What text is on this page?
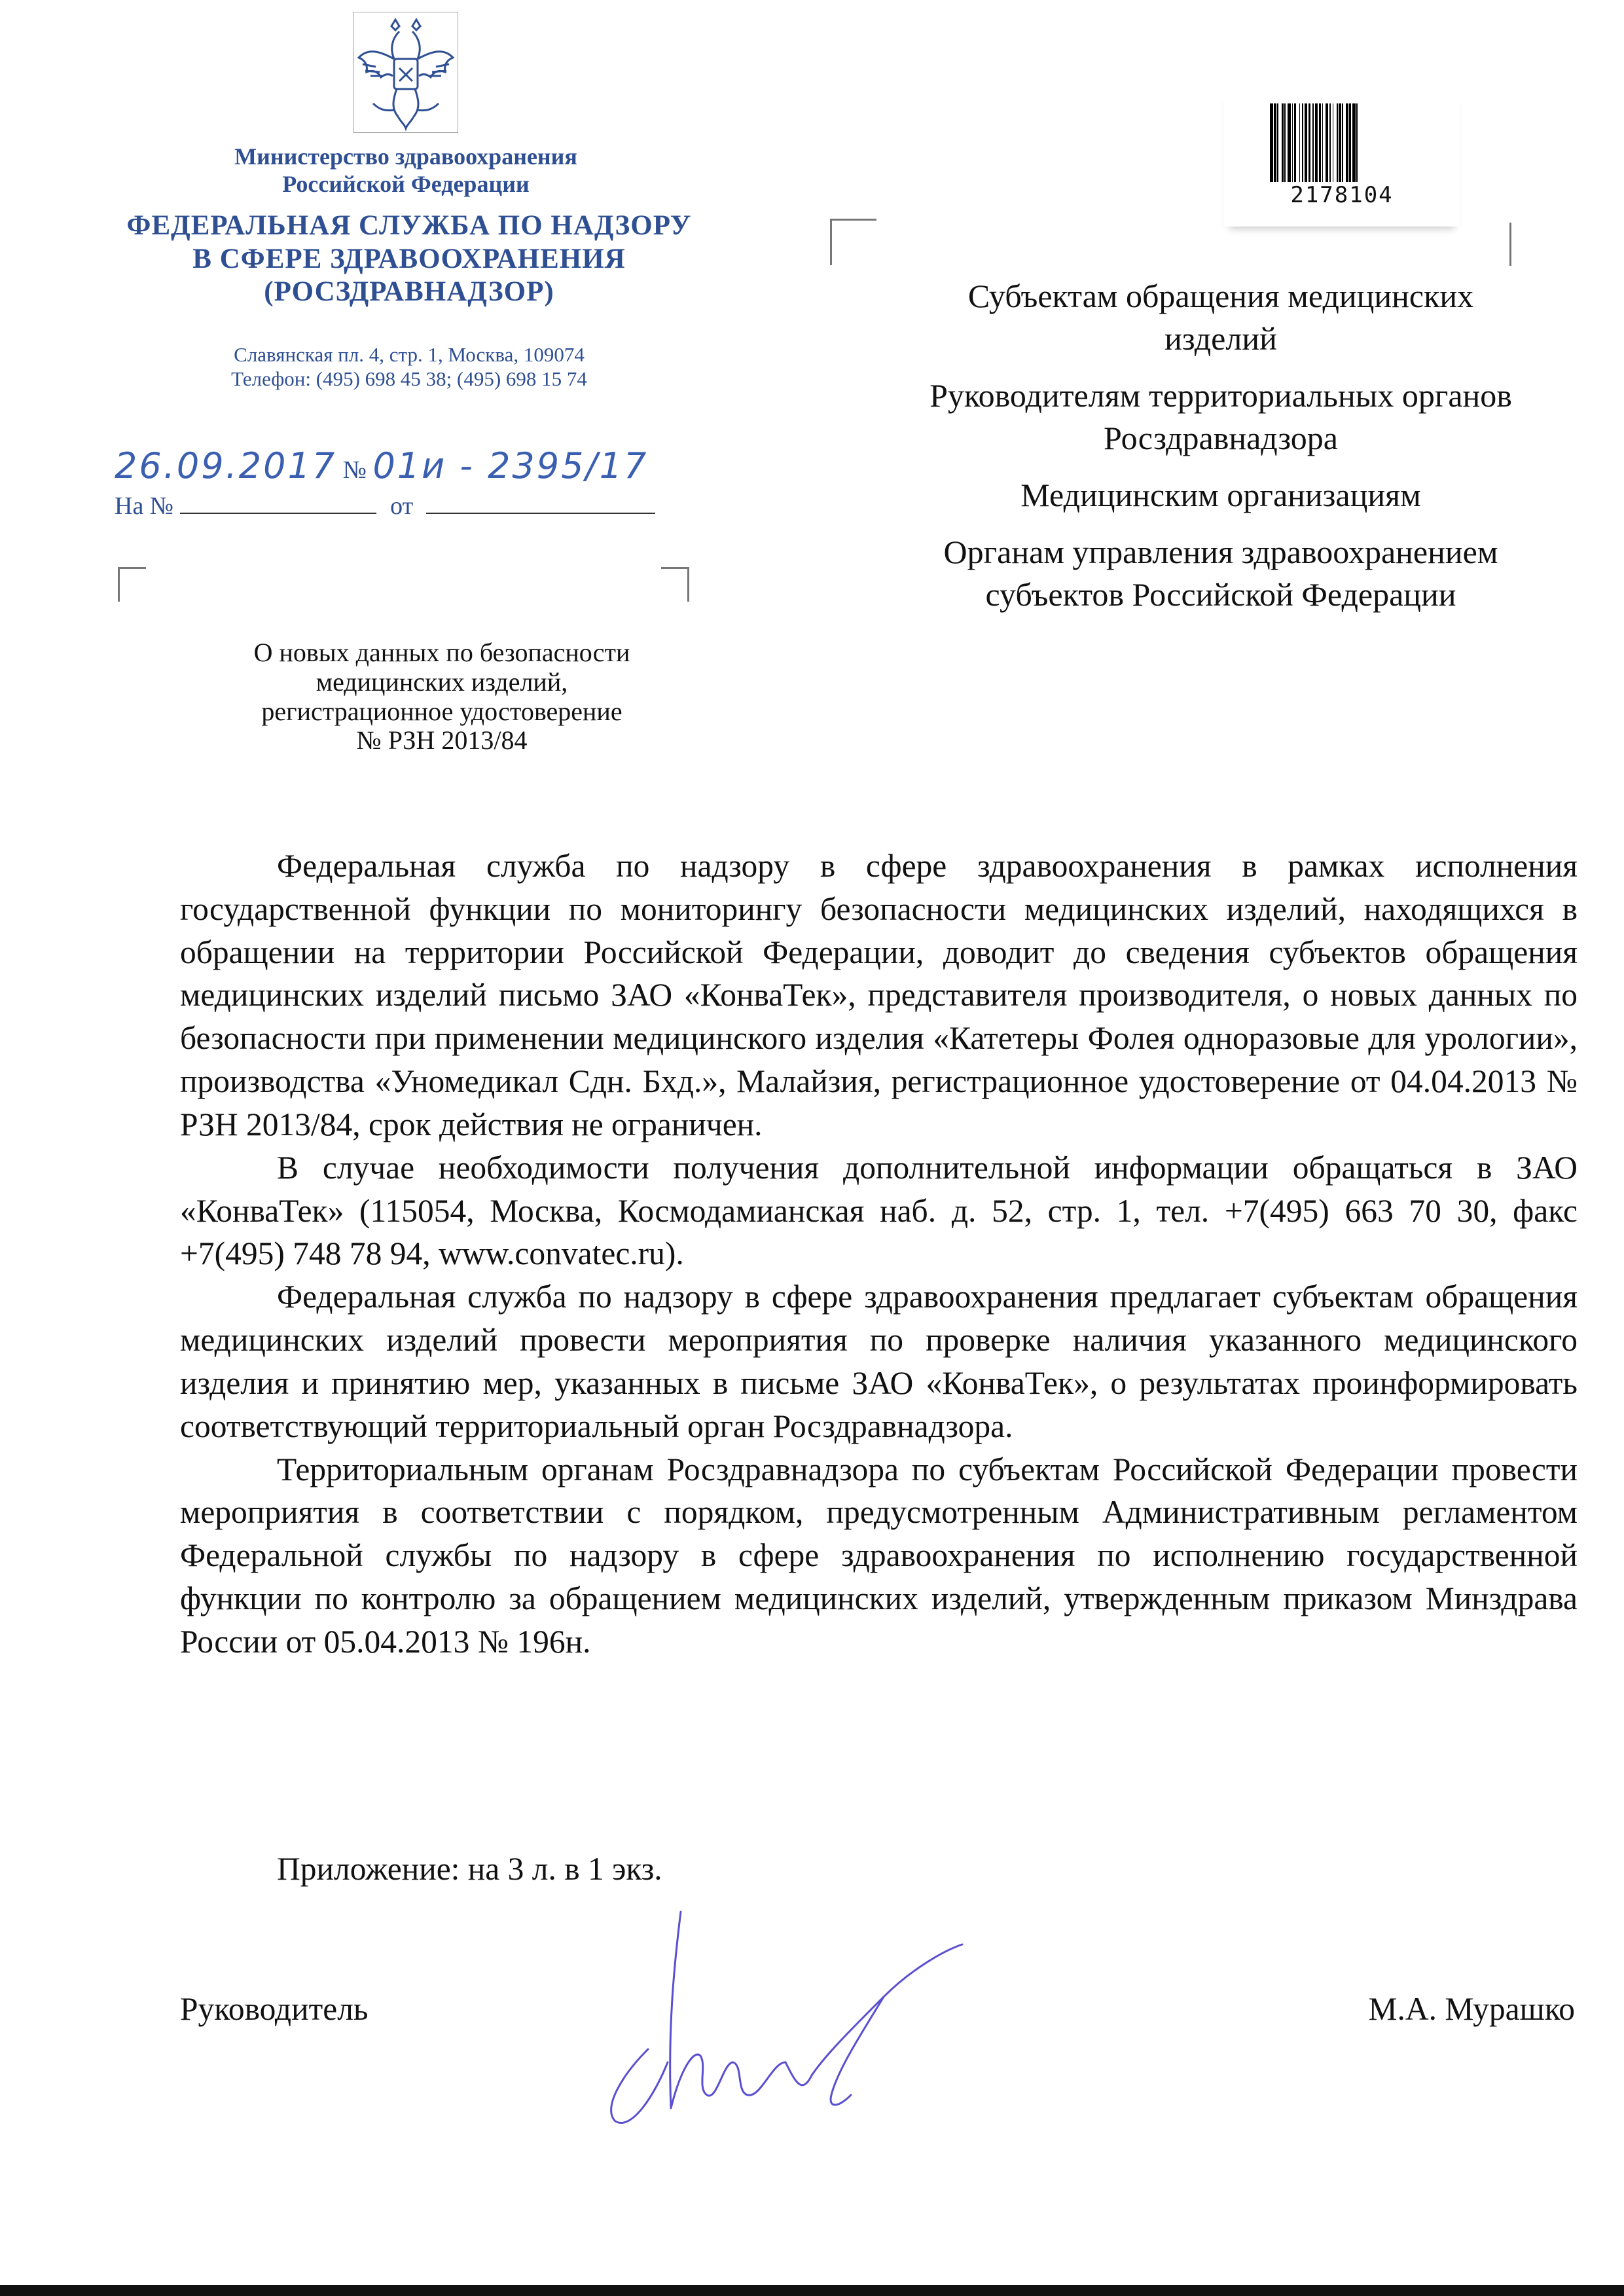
Министерство здравоохранения
Российской Федерации
ФЕДЕРАЛЬНАЯ СЛУЖБА ПО НАДЗОРУ
В СФЕРЕ ЗДРАВООХРАНЕНИЯ
(РОСЗДРАВНАДЗОР)
Славянская пл. 4, стр. 1, Москва, 109074
Телефон: (495) 698 45 38; (495) 698 15 74
26.09.2017 № 01и - 2395/17
На №	от
О новых данных по безопасности
медицинских изделий,
регистрационное удостоверение
№ РЗН 2013/84
2178104

Субъектам обращения медицинских изделий

Руководителям территориальных органов Росздравнадзора

Медицинским организациям

Органам управления здравоохранением субъектов Российской Федерации

Федеральная служба по надзору в сфере здравоохранения в рамках исполнения государственной функции по мониторингу безопасности медицинских изделий, находящихся в обращении на территории Российской Федерации, доводит до сведения субъектов обращения медицинских изделий письмо ЗАО «КонваТек», представителя производителя, о новых данных по безопасности при применении медицинского изделия «Катетеры Фолея одноразовые для урологии», производства «Уномедикал Сдн. Бхд.», Малайзия, регистрационное удостоверение от 04.04.2013 № РЗН 2013/84, срок действия не ограничен.

В случае необходимости получения дополнительной информации обращаться в ЗАО «КонваТек» (115054, Москва, Космодамианская наб. д. 52, стр. 1, тел. +7(495) 663 70 30, факс +7(495) 748 78 94, www.convatec.ru).

Федеральная служба по надзору в сфере здравоохранения предлагает субъектам обращения медицинских изделий провести мероприятия по проверке наличия указанного медицинского изделия и принятию мер, указанных в письме ЗАО «КонваТек», о результатах проинформировать соответствующий территориальный орган Росздравнадзора.

Территориальным органам Росздравнадзора по субъектам Российской Федерации провести мероприятия в соответствии с порядком, предусмотренным Административным регламентом Федеральной службы по надзору в сфере здравоохранения по исполнению государственной функции по контролю за обращением медицинских изделий, утвержденным приказом Минздрава России от 05.04.2013 № 196н.

Приложение: на 3 л. в 1 экз.
Руководитель	М.А. Мурашко
